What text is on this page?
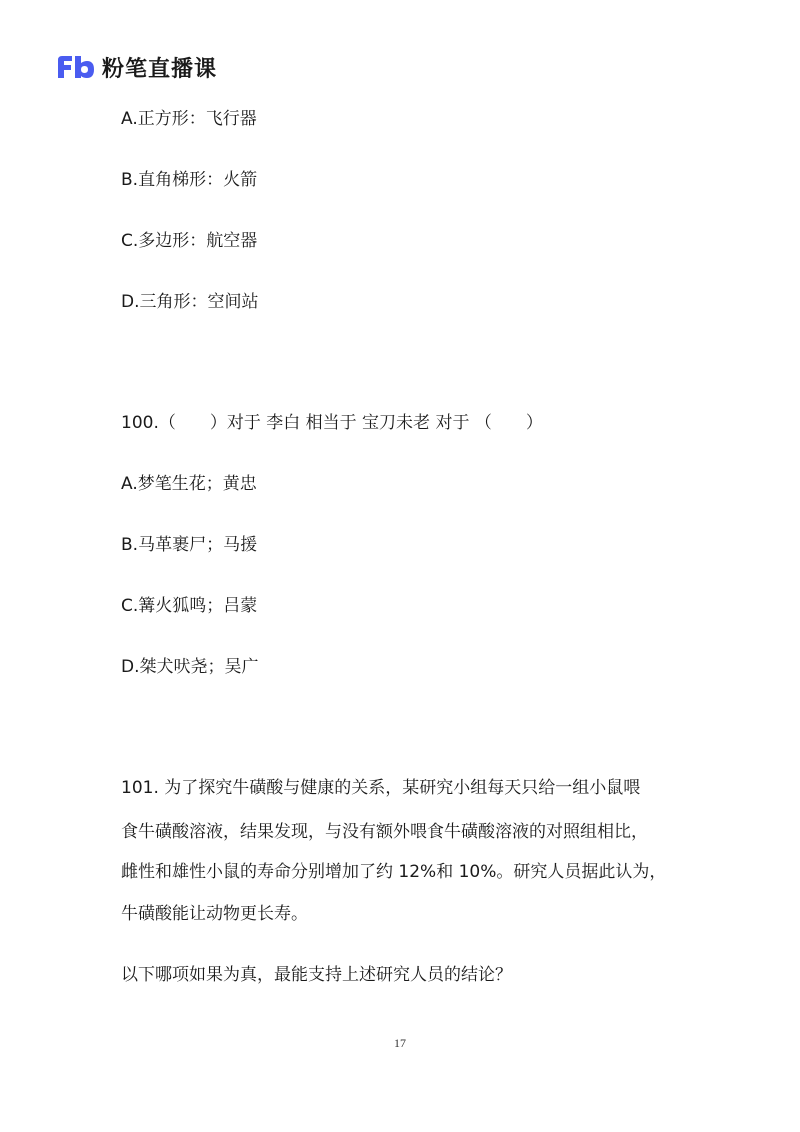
粉笔直播课
A.正方形：飞行器
B.直角梯形：火箭
C.多边形：航空器
D.三角形：空间站
100.（　　）对于 李白 相当于 宝刀未老 对于 （　　）
A.梦笔生花；黄忠
B.马革裹尸；马援
C.篝火狐鸣；吕蒙
D.桀犬吠尧；吴广
101. 为了探究牛磺酸与健康的关系，某研究小组每天只给一组小鼠喂
食牛磺酸溶液，结果发现，与没有额外喂食牛磺酸溶液的对照组相比，
雌性和雄性小鼠的寿命分别增加了约 12%和 10%。研究人员据此认为，
牛磺酸能让动物更长寿。
以下哪项如果为真，最能支持上述研究人员的结论？
17
